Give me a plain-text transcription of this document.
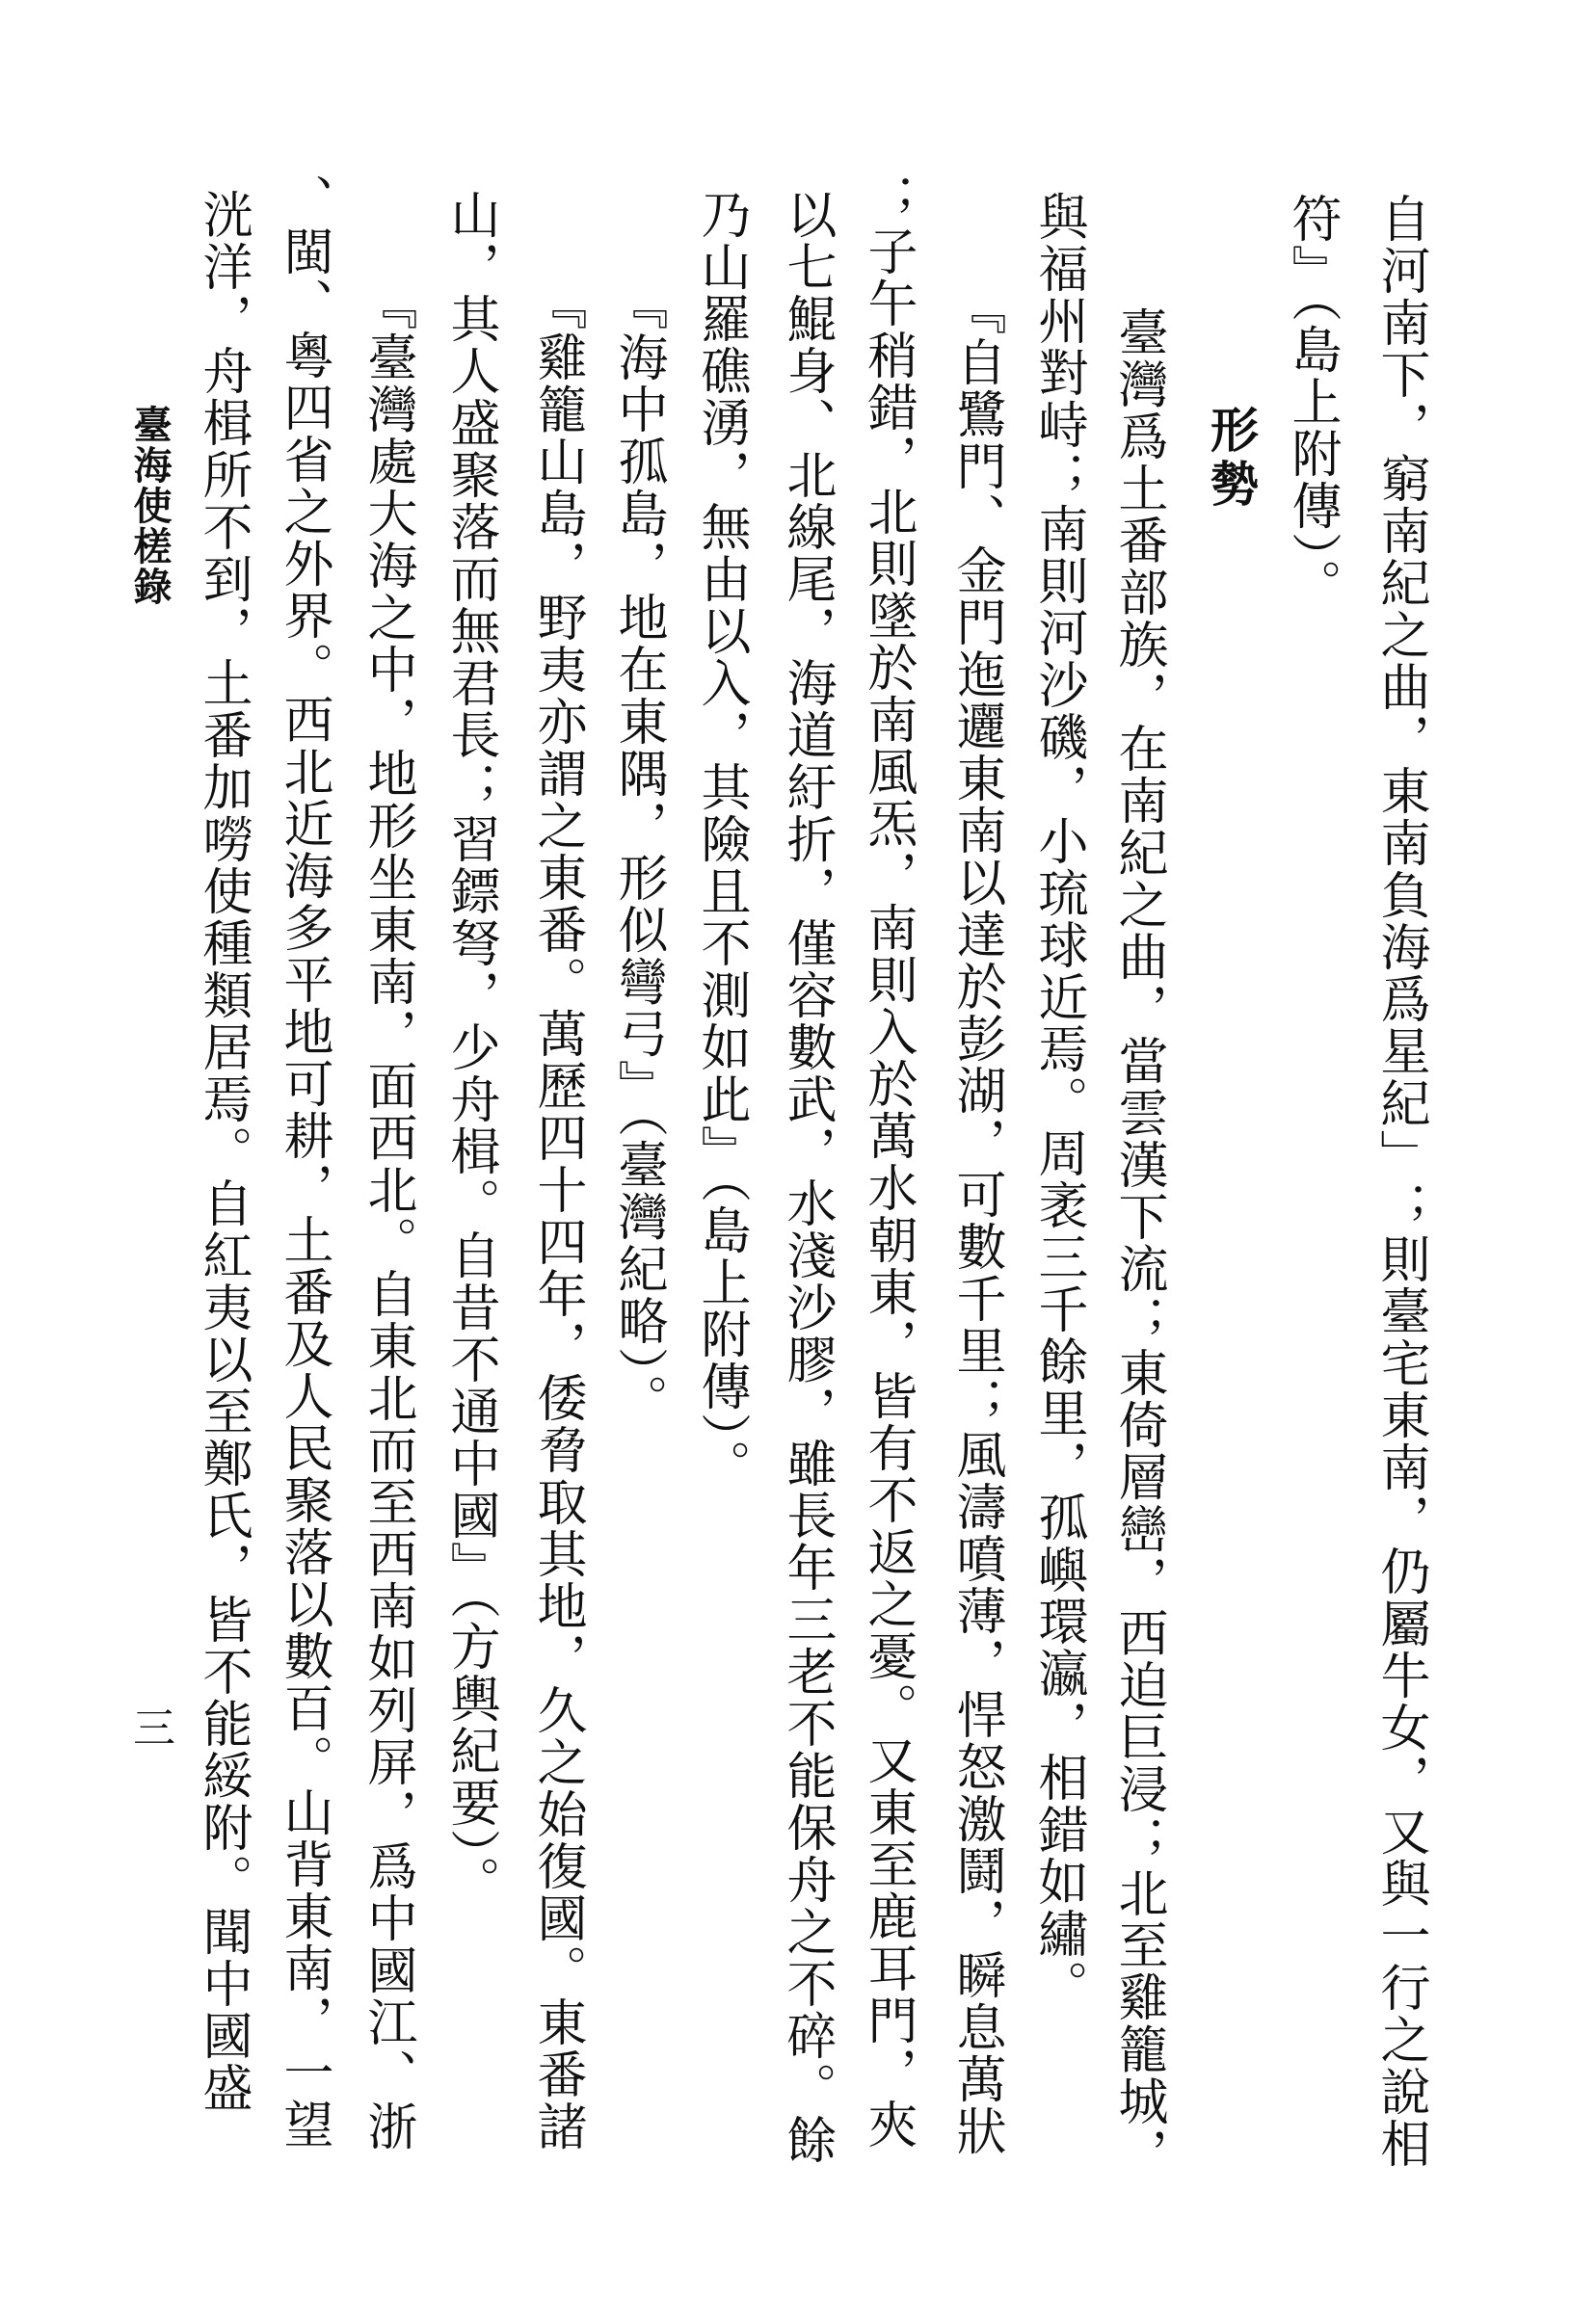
自河南下，窮南紀之曲，東南負海爲星紀」；則臺宅東南，仍屬牛女，又與一行之說相

符』（島上附傳）。

形勢

臺灣爲土番部族，在南紀之曲，當雲漢下流；東倚層巒，西迫巨浸；北至雞籠城，

與福州對峙；南則河沙磯，小琉球近焉。周袤三千餘里，孤嶼環瀛，相錯如繡。

『自鷺門、金門迤邐東南以達於彭湖，可數千里；風濤噴薄，悍怒激鬪，瞬息萬狀

；子午稍錯，北則墜於南風炁，南則入於萬水朝東，皆有不返之憂。又東至鹿耳門，夾

以七鯤身、北線尾，海道紆折，僅容數武，水淺沙膠，雖長年三老不能保舟之不碎。餘

乃山羅礁湧，無由以入，其險且不測如此』（島上附傳）。

『海中孤島，地在東隅，形似彎弓』（臺灣紀略）。

『雞籠山島，野夷亦謂之東番。萬歷四十四年，倭脅取其地，久之始復國。東番諸

山，其人盛聚落而無君長；習鏢弩，少舟楫。自昔不通中國』（方輿紀要）。

『臺灣處大海之中，地形坐東南，面西北。自東北而至西南如列屏，爲中國江、浙

、閩、粵四省之外界。西北近海多平地可耕，土番及人民聚落以數百。山背東南，一望

洸洋，舟楫所不到，土番加嘮使種類居焉。自紅夷以至鄭氏，皆不能綏附。聞中國盛

臺海使槎錄

三
